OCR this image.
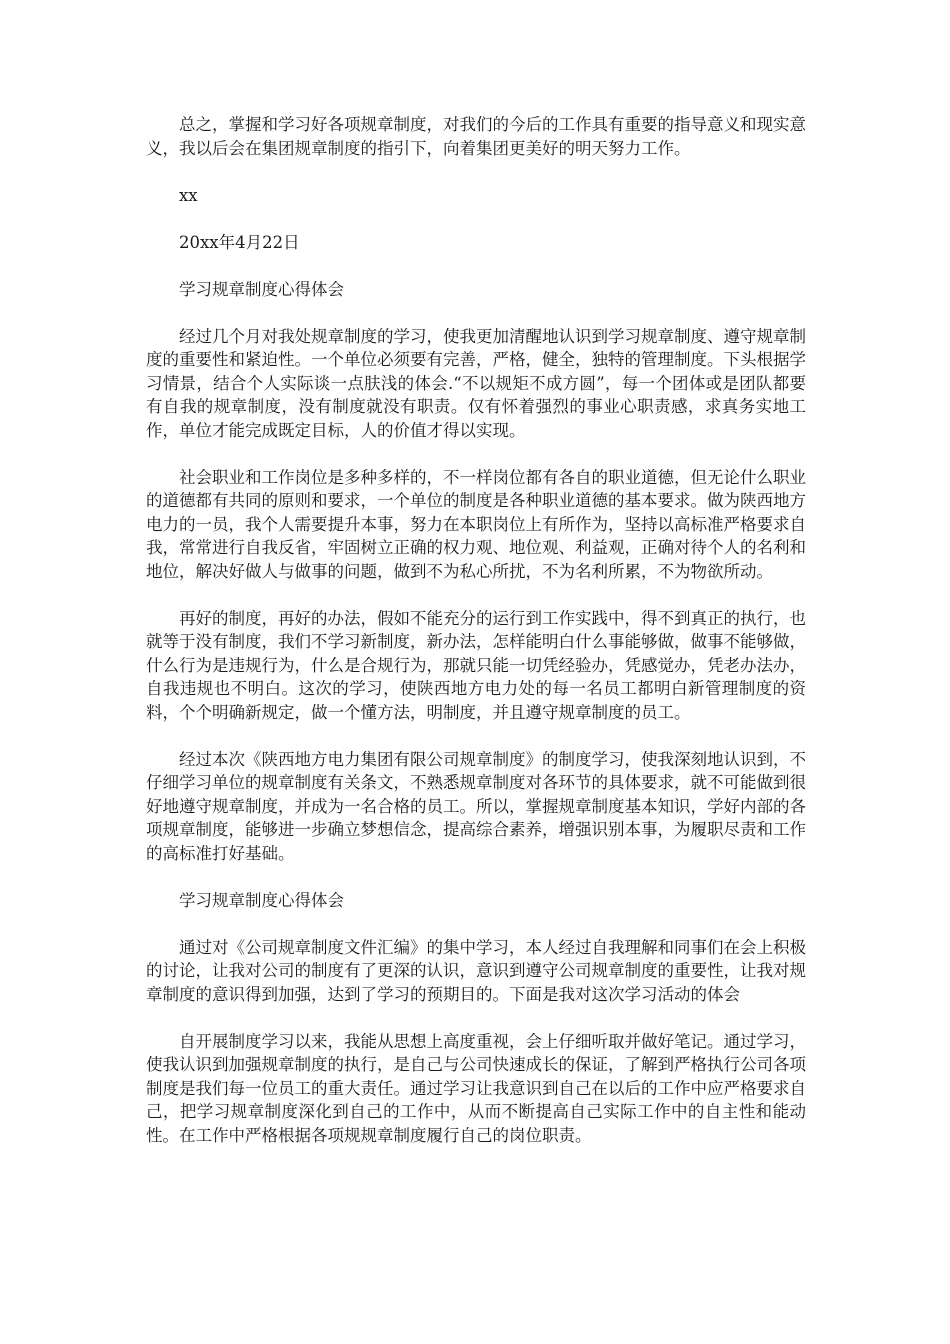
总之，掌握和学习好各项规章制度，对我们的今后的工作具有重要的指导意义和现实意义，我以后会在集团规章制度的指引下，向着集团更美好的明天努力工作。

xx

20xx年4月22日

学习规章制度心得体会

经过几个月对我处规章制度的学习，使我更加清醒地认识到学习规章制度、遵守规章制度的重要性和紧迫性。一个单位必须要有完善，严格，健全，独特的管理制度。下头根据学习情景，结合个人实际谈一点肤浅的体会.“不以规矩不成方圆”，每一个团体或是团队都要有自我的规章制度，没有制度就没有职责。仅有怀着强烈的事业心职责感，求真务实地工作，单位才能完成既定目标，人的价值才得以实现。

社会职业和工作岗位是多种多样的，不一样岗位都有各自的职业道德，但无论什么职业的道德都有共同的原则和要求，一个单位的制度是各种职业道德的基本要求。做为陕西地方电力的一员，我个人需要提升本事，努力在本职岗位上有所作为，坚持以高标准严格要求自我，常常进行自我反省，牢固树立正确的权力观、地位观、利益观，正确对待个人的名利和地位，解决好做人与做事的问题，做到不为私心所扰，不为名利所累，不为物欲所动。

再好的制度，再好的办法，假如不能充分的运行到工作实践中，得不到真正的执行，也就等于没有制度，我们不学习新制度，新办法，怎样能明白什么事能够做，做事不能够做，什么行为是违规行为，什么是合规行为，那就只能一切凭经验办，凭感觉办，凭老办法办，自我违规也不明白。这次的学习，使陕西地方电力处的每一名员工都明白新管理制度的资料，个个明确新规定，做一个懂方法，明制度，并且遵守规章制度的员工。

经过本次《陕西地方电力集团有限公司规章制度》的制度学习，使我深刻地认识到，不仔细学习单位的规章制度有关条文，不熟悉规章制度对各环节的具体要求，就不可能做到很好地遵守规章制度，并成为一名合格的员工。所以，掌握规章制度基本知识，学好内部的各项规章制度，能够进一步确立梦想信念，提高综合素养，增强识别本事，为履职尽责和工作的高标准打好基础。

学习规章制度心得体会

通过对《公司规章制度文件汇编》的集中学习，本人经过自我理解和同事们在会上积极的讨论，让我对公司的制度有了更深的认识，意识到遵守公司规章制度的重要性，让我对规章制度的意识得到加强，达到了学习的预期目的。下面是我对这次学习活动的体会

自开展制度学习以来，我能从思想上高度重视，会上仔细听取并做好笔记。通过学习，使我认识到加强规章制度的执行，是自己与公司快速成长的保证，了解到严格执行公司各项制度是我们每一位员工的重大责任。通过学习让我意识到自己在以后的工作中应严格要求自己，把学习规章制度深化到自己的工作中，从而不断提高自己实际工作中的自主性和能动性。在工作中严格根据各项规规章制度履行自己的岗位职责。
